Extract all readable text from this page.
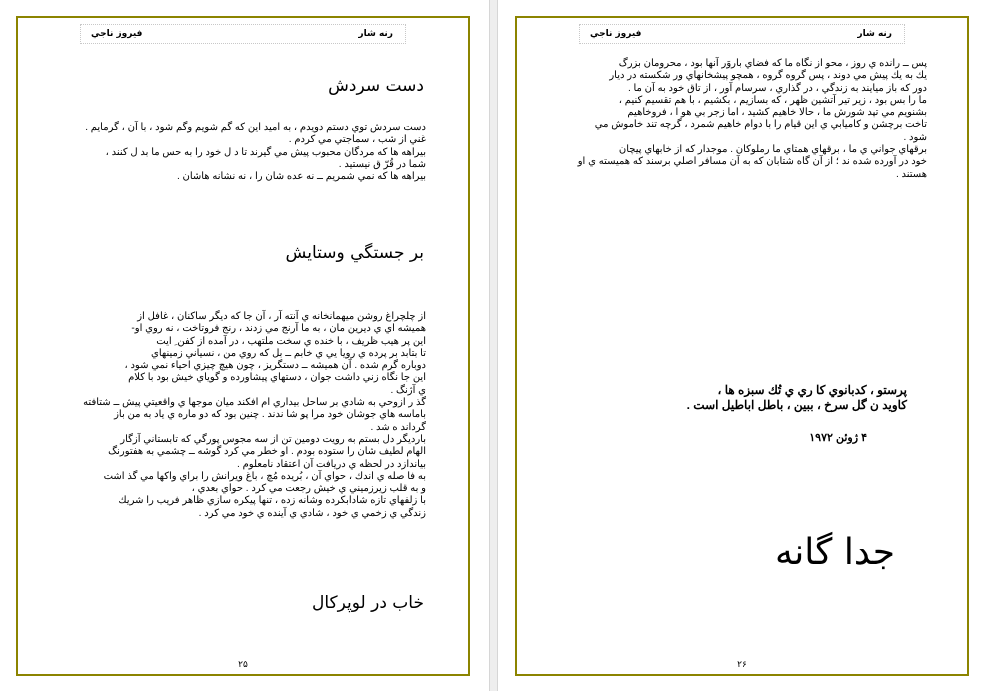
فيروز ناجي	رنه شار
دست سردش
دست سردش توي دستم دويدم ، به اميد اين كه گم شويم وگم شود ، با آن ، گرمايم .
غني از شب ، سماجتي مي كردم .
بيراهه ها كه مردگان محبوب پيش مي گيرند تا د ل خود را به حس ما بد ل كنند ،
شما در قُرّ ق نيستيد .
بيراهه ها كه نمي شمريم ــ نه عده شان را ، نه نشانه هاشان .
بر جستگي وستايش
از چلچراغ روشن ميهمانخانه ي آنته آر ، آن جا كه ديگر ساكنان ، غافل از
هميشه اي ي ديرين مان ، به ما آرنج مي زدند ، رنج فروتاخت ، نه روي او-
اين پر هيب ظريف ، با خنده ي سخت ملتهب ، در آمده از كفن ِ ايت
تا بتابد بر پرده ي رويا يي ي خابم ــ بل كه روي من ، نسياني زمينهاي
دوباره گرم شده . آن هميشه ــ دستگريز ، چون هيچ چيزي احياء نمي شود ،
اين جا نگاه زني داشت جوان ، دستهاي پيشاورده و گوياي خيش بود با كلام
ي آژنگ .
گذ ر ازوحي به شادي بر ساحل بيداري ام افكند ميان موجها ي واقعيتي پيش ــ شتافته
باماسه هاي جوشان خود مرا پو شا ندند . چنين بود كه دو ماره ي ياد به من باز
گرداند ه شد .
باردیگر دل بستم به رويت دومين تن از سه مجوس پورگي كه تابستاني آزگار
الهام لطيف شان را ستوده بودم . او خطر مي كرد گوشه ــ چشمي به هفتورنگ
بياندازد در لحظه ي دريافت آن اعتقاد نامعلوم .
به فا صله ي اندك ، حواي آن ، بُريده مُچ ، باغ ويرانش را براي واكها مي گذ اشت
و به قلب زيرزميني ي خيش رجعت مي كرد . حواي بعدي ،
با زلفهاي تازه شادابكرده وشانه زده ، تنها پيكره سازي ظاهر فريب را شريك
زندگي ي زخمي ي خود ، شادي ي آينده ي خود مي كرد .
خاب در لوپركال
۲۵
فيروز ناجي	رنه شار
پس ــ رانده ي روز ، محو از نگاه ما كه فضاي باروَر آنها بود ، محرومان بزرگ
يك به يك پيش مي دوند ، پس گروه گروه ، همچو پيشخانهاي ور شكسته در ديار
دور كه باز ميايند به زندگي ، در گذاري ، سرسام آور ، از تاق خود به آن ما .
ما را بس بود ، زير تير آتشين ظهر ، كه بسازيم ، بكشيم ، با هم تقسيم كنيم ،
بشنويم مي تپد شورش ما ، حالا خاهيم كشيد ، اما زجر بي هو ا ، فروخاهيم
تاخت برچشن و كاميابي ي اين قيام را با دوام خاهيم شمرد ، گرچه تند خاموش مي
شود .
برقهاي جواني ي ما ، برقهاي همتاي ما رملوكان . موجدار كه از خابهاي پيچان
خود در آورده شده ند ؛ از آن گاه شتابان كه به آن مسافر اصلي برسند كه هميسته ي او
هستند .
پرستو ، كدبانوي كا ري ي تُك سبزه ها ،
كاويد ن گل سرخ ، ببين ، باطل اباطيل است .
۴ ژوئن ۱۹۷۲
جدا گانه
۲۶
